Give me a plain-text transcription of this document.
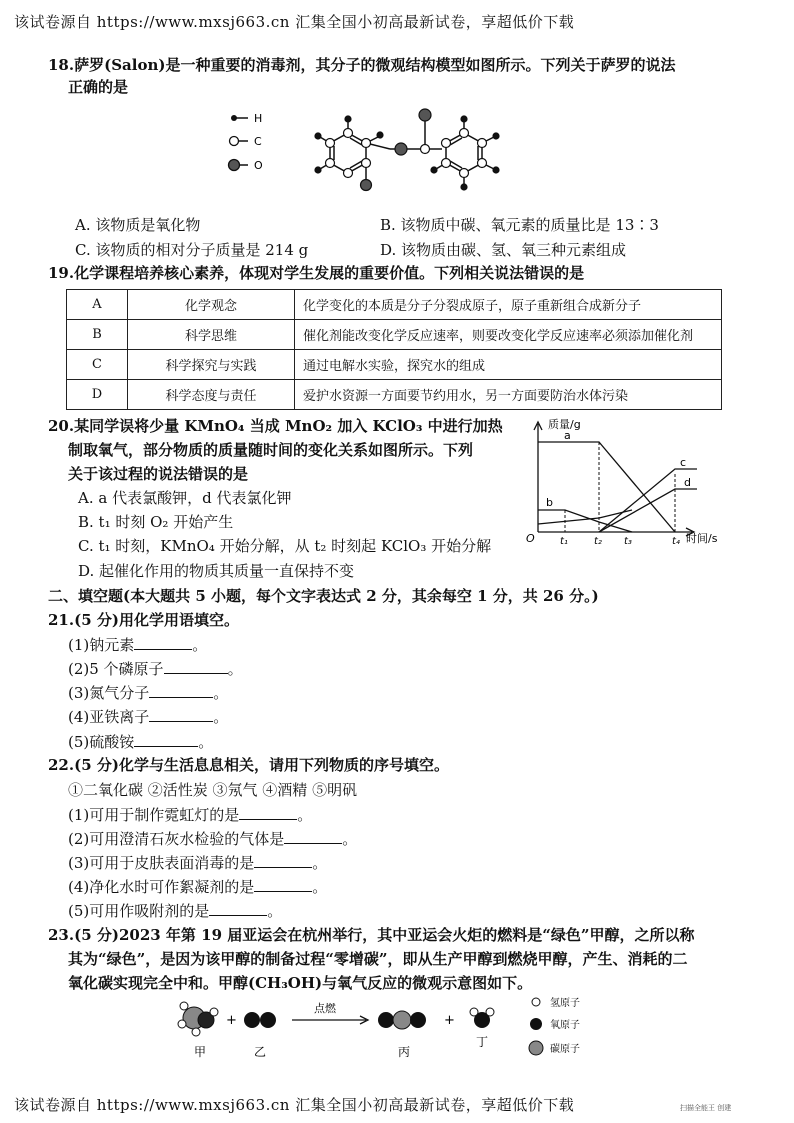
该试卷源自 https://www.mxsj663.cn 汇集全国小初高最新试卷，享超低价下载
该试卷源自 https://www.mxsj663.cn 汇集全国小初高最新试卷，享超低价下载	扫描全能王 创建
18.萨罗(Salon)是一种重要的消毒剂，其分子的微观结构模型如图所示。下列关于萨罗的说法
正确的是
H
C
O
A. 该物质是氧化物	B. 该物质中碳、氧元素的质量比是 13∶3
C. 该物质的相对分子质量是 214 g	D. 该物质由碳、氢、氧三种元素组成
19.化学课程培养核心素养，体现对学生发展的重要价值。下列相关说法错误的是
A	化学观念	化学变化的本质是分子分裂成原子，原子重新组合成新分子
B	科学思维	催化剂能改变化学反应速率，则要改变化学反应速率必须添加催化剂
C	科学探究与实践	通过电解水实验，探究水的组成
D	科学态度与责任	爱护水资源一方面要节约用水，另一方面要防治水体污染
20.某同学误将少量 KMnO₄ 当成 MnO₂ 加入 KClO₃ 中进行加热
制取氧气，部分物质的质量随时间的变化关系如图所示。下列
关于该过程的说法错误的是
A. a 代表氯酸钾，d 代表氯化钾
B. t₁ 时刻 O₂ 开始产生
C. t₁ 时刻，KMnO₄ 开始分解，从 t₂ 时刻起 KClO₃ 开始分解
D. 起催化作用的物质其质量一直保持不变
质量/g
时间/s
O	t₁	t₂ t₃	t₄
a
b
c
d
二、填空题(本大题共 5 小题，每个文字表达式 2 分，其余每空 1 分，共 26 分。)
21.(5 分)用化学用语填空。
(1)钠元素	。
(2)5 个磷原子	。
(3)氮气分子	。
(4)亚铁离子	。
(5)硫酸铵	。
22.(5 分)化学与生活息息相关，请用下列物质的序号填空。
①二氧化碳 ②活性炭 ③氖气 ④酒精 ⑤明矾
(1)可用于制作霓虹灯的是	。
(2)可用澄清石灰水检验的气体是	。
(3)可用于皮肤表面消毒的是	。
(4)净化水时可作絮凝剂的是	。
(5)可用作吸附剂的是	。
23.(5 分)2023 年第 19 届亚运会在杭州举行，其中亚运会火炬的燃料是“绿色”甲醇，之所以称
其为“绿色”，是因为该甲醇的制备过程“零增碳”，即从生产甲醇到燃烧甲醇，产生、消耗的二
氧化碳实现完全中和。甲醇(CH₃OH)与氧气反应的微观示意图如下。
+
点燃
+
甲	乙	丙
丁
氢原子
氧原子
碳原子
